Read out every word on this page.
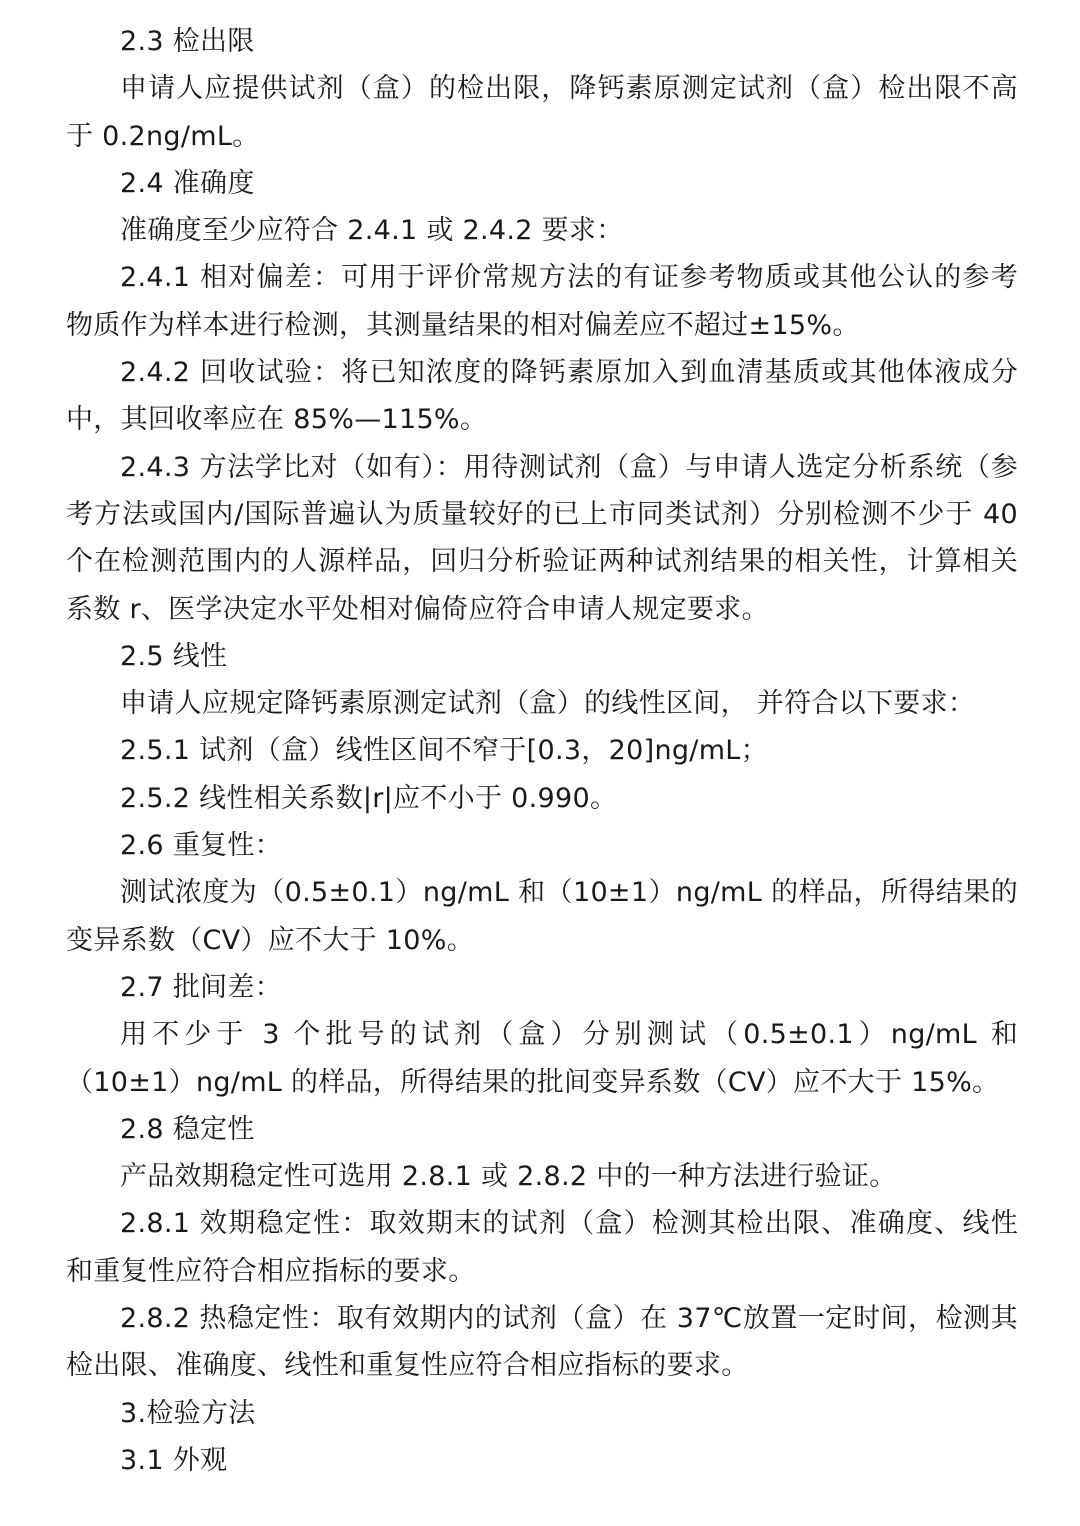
2.3 检出限

申请人应提供试剂（盒）的检出限，降钙素原测定试剂（盒）检出限不高于 0.2ng/mL。

2.4 准确度

准确度至少应符合 2.4.1 或 2.4.2 要求：

2.4.1 相对偏差：可用于评价常规方法的有证参考物质或其他公认的参考物质作为样本进行检测，其测量结果的相对偏差应不超过±15%。

2.4.2 回收试验：将已知浓度的降钙素原加入到血清基质或其他体液成分中，其回收率应在 85%—115%。

2.4.3 方法学比对（如有）：用待测试剂（盒）与申请人选定分析系统（参考方法或国内/国际普遍认为质量较好的已上市同类试剂）分别检测不少于 40 个在检测范围内的人源样品，回归分析验证两种试剂结果的相关性，计算相关系数 r、医学决定水平处相对偏倚应符合申请人规定要求。

2.5 线性

申请人应规定降钙素原测定试剂（盒）的线性区间， 并符合以下要求：

2.5.1 试剂（盒）线性区间不窄于[0.3，20]ng/mL；

2.5.2 线性相关系数|r|应不小于 0.990。

2.6 重复性：

测试浓度为（0.5±0.1）ng/mL 和（10±1）ng/mL 的样品，所得结果的变异系数（CV）应不大于 10%。

2.7 批间差：

用不少于 3 个批号的试剂（盒）分别测试（0.5±0.1）ng/mL 和（10±1）ng/mL 的样品，所得结果的批间变异系数（CV）应不大于 15%。

2.8 稳定性

产品效期稳定性可选用 2.8.1 或 2.8.2 中的一种方法进行验证。

2.8.1 效期稳定性：取效期末的试剂（盒）检测其检出限、准确度、线性和重复性应符合相应指标的要求。

2.8.2 热稳定性：取有效期内的试剂（盒）在 37℃放置一定时间，检测其检出限、准确度、线性和重复性应符合相应指标的要求。

3.检验方法

3.1 外观
